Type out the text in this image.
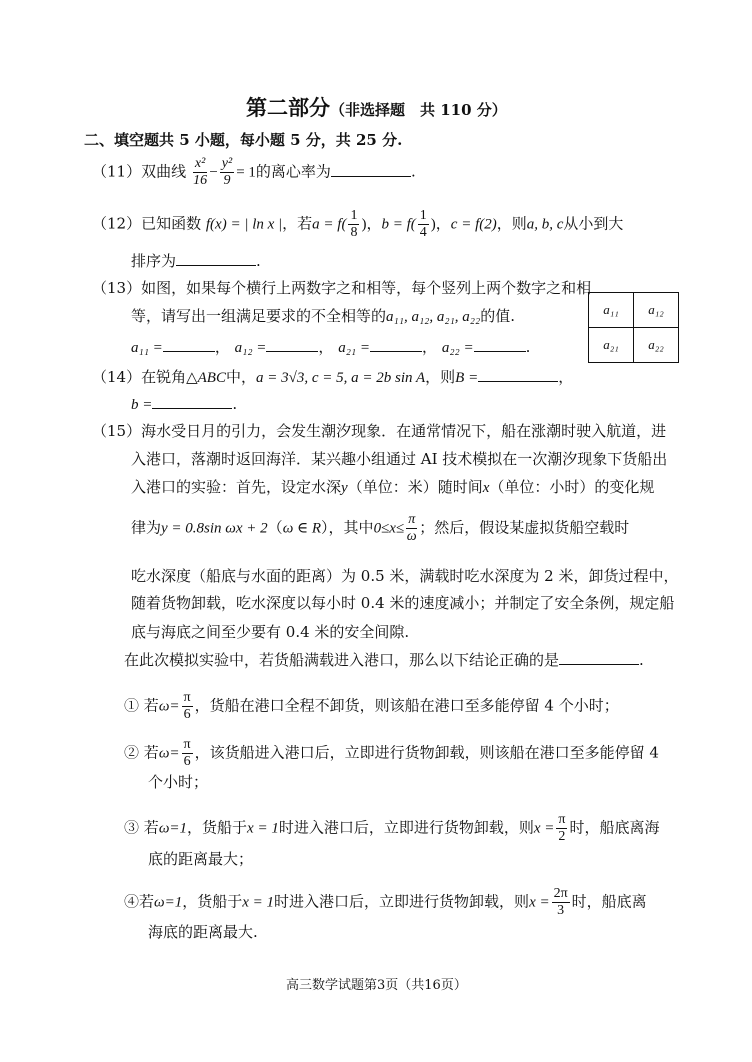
第二部分（非选择题　共 110 分）
二、填空题共 5 小题，每小题 5 分，共 25 分.
（11）双曲线 $\frac{\text{x²}}{16} - \frac{\text{y²}}{9} = 1$的离心率为	.
（12）已知函数 f(x) = | ln x |，若$a = f( \frac{1}{8}$ )，$b = f( \frac{1}{4}$ )，c = f(2)，则a, b, c从小到大
排序为	.
（13）如图，如果每个横行上两数字之和相等，每个竖列上两个数字之和相
等，请写出一组满足要求的不全相等的a₁₁, a₁₂, a₂₁, a₂₂的值.
a₁₁ =	， a₁₂ =	， a₂₁ =	， a₂₂ =	.
a₁₁	a₁₂
a₂₁	a₂₂
（14）在锐角△ABC中，a = 3√3, c = 5, a = 2b sin A，则B =	，
b =	.
（15）海水受日月的引力，会发生潮汐现象．在通常情况下，船在涨潮时驶入航道，进
入港口，落潮时返回海洋．某兴趣小组通过 AI 技术模拟在一次潮汐现象下货船出
入港口的实验：首先，设定水深y（单位：米）随时间x（单位：小时）的变化规
律为y = 0.8sin ωx + 2（ω ∈ R），其中$0\le x\le \frac{\pi}{\omega}$ ；然后，假设某虚拟货船空载时
吃水深度（船底与水面的距离）为 0.5 米，满载时吃水深度为 2 米，卸货过程中，
随着货物卸载，吃水深度以每小时 0.4 米的速度减小；并制定了安全条例，规定船
底与海底之间至少要有 0.4 米的安全间隙.
在此次模拟实验中，若货船满载进入港口，那么以下结论正确的是	.
① 若$\omega= \frac{\pi}{6}$ ，货船在港口全程不卸货，则该船在港口至多能停留 4 个小时；
② 若$\omega= \frac{\pi}{6}$ ，该货船进入港口后，立即进行货物卸载，则该船在港口至多能停留 4
个小时；
③ 若ω=1，货船于x = 1时进入港口后，立即进行货物卸载，则$x = \frac{\pi}{2}$ 时，船底离海
底的距离最大；
④若ω=1，货船于x = 1时进入港口后，立即进行货物卸载，则$x = \frac{2\pi}{3}$ 时，船底离
海底的距离最大.
高三数学试题第3页（共16页）
